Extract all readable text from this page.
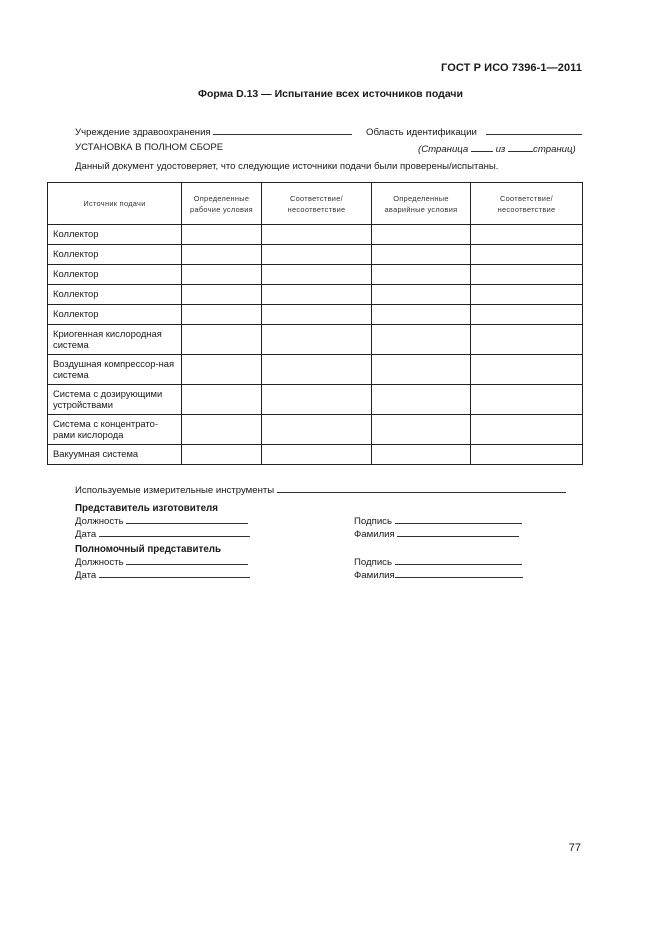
ГОСТ Р ИСО 7396-1—2011
Форма D.13 — Испытание всех источников подачи
Учреждение здравоохранения	Область идентификации
УСТАНОВКА В ПОЛНОМ СБОРЕ	(Страница	из	страниц)
Данный документ удостоверяет, что следующие источники подачи были проверены/испытаны.
Источник подачи	Определенные рабочие условия	Соответствие/ несоответствие	Определенные аварийные условия	Соответствие/ несоответствие
Коллектор				
Коллектор				
Коллектор				
Коллектор				
Коллектор				
Криогенная кислородная система				
Воздушная компрессор-ная система				
Система с дозирующими устройствами				
Система с концентрато-рами кислорода				
Вакуумная система				
Используемые измерительные инструменты
Представитель изготовителя
Должность
Дата
Подпись
Фамилия
Полномочный представитель
Должность
Дата
Подпись
Фамилия
77
